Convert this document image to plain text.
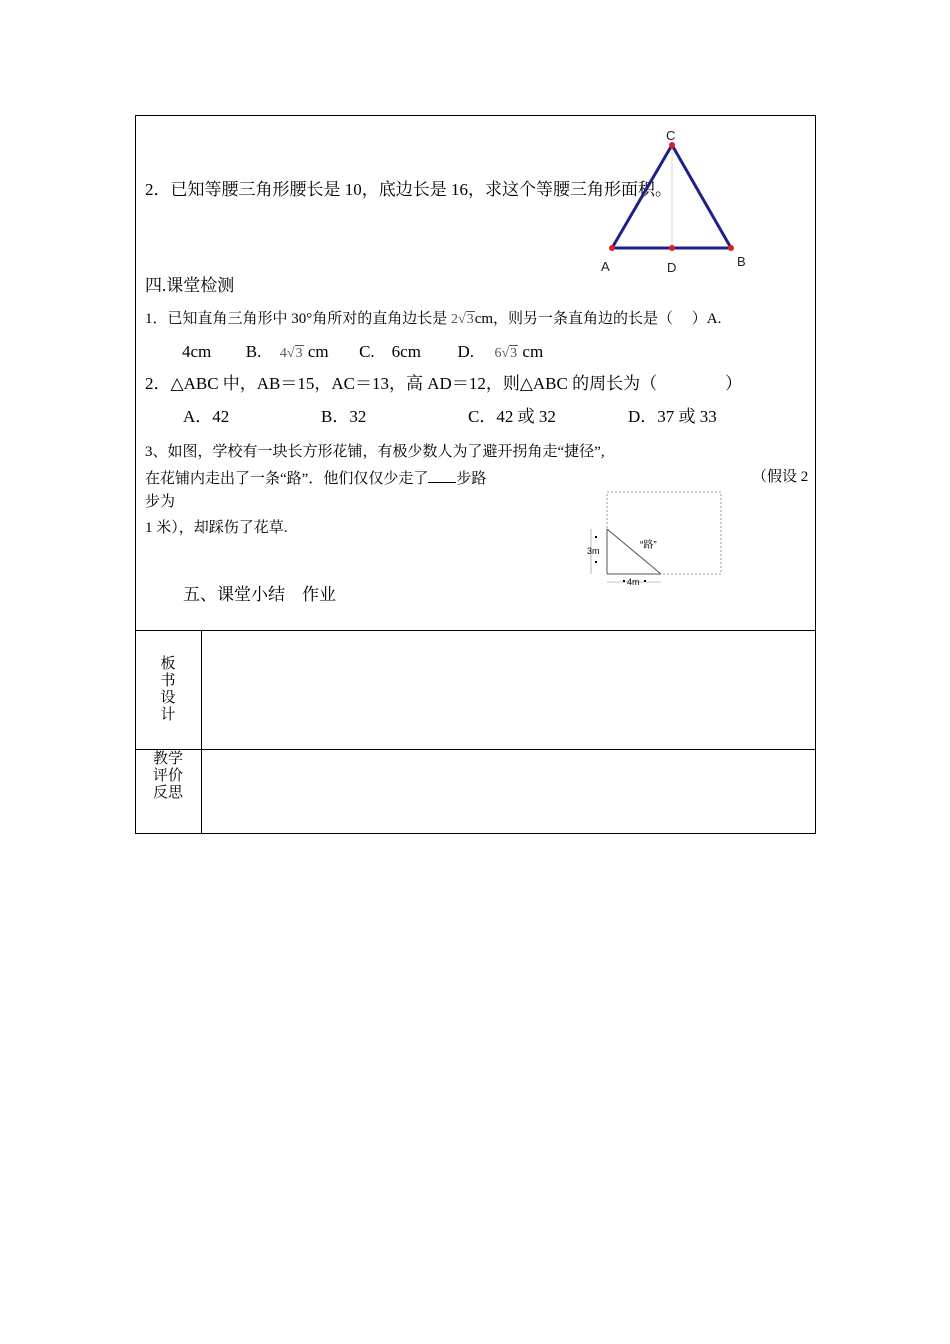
2．已知等腰三角形腰长是 10，底边长是 16，求这个等腰三角形面积。
C
A	D	B
四.课堂检测
1．已知直角三角形中 30°角所对的直角边长是 2√3cm，则另一条直角边的长是（　 ）A.
4cm B. 4√3 cm C.　6cm D. 6√3 cm
2．△ABC 中，AB＝15，AC＝13，高 AD＝12，则△ABC 的周长为（　　　　）
A．42	B．32	C．42 或 32	D．37 或 33
3、如图，学校有一块长方形花铺，有极少数人为了避开拐角走“捷径”,
在花铺内走出了一条“路”．他们仅仅少走了 步路	（假设 2
步为
1 米），却踩伤了花草.
3m
4m
“路”
五、课堂小结　作业
板
书
设
计
教学
评价
反思
